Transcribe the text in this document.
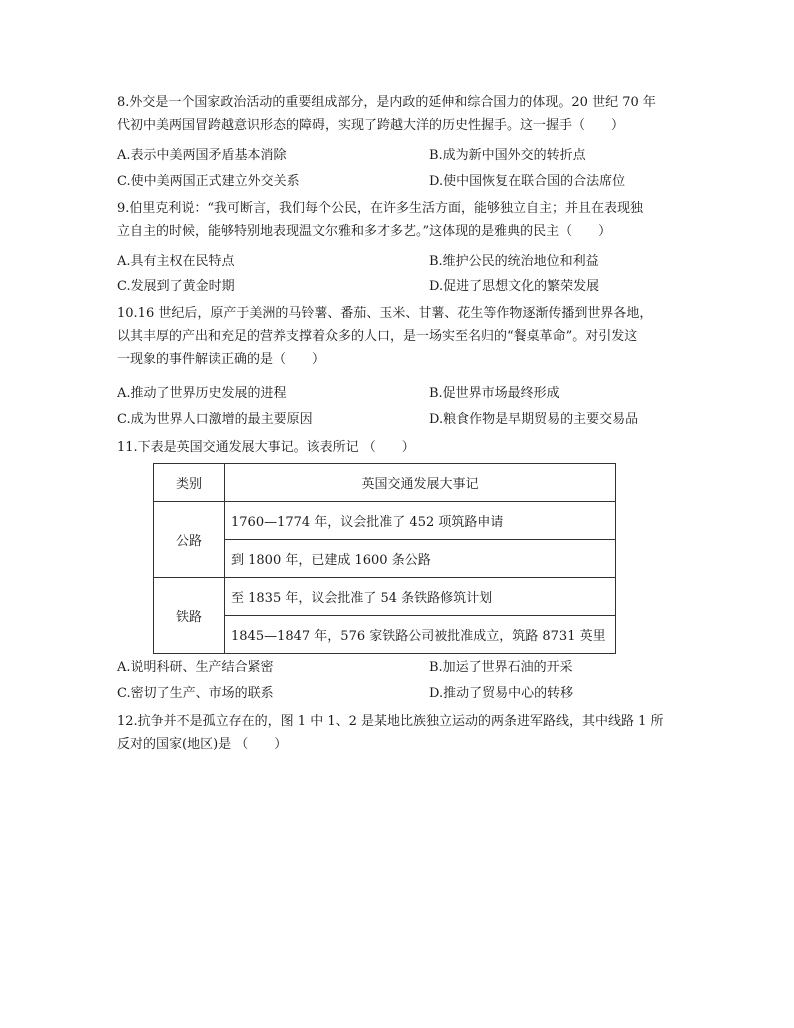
8.外交是一个国家政治活动的重要组成部分，是内政的延伸和综合国力的体现。20 世纪 70 年
代初中美两国冒跨越意识形态的障碍，实现了跨越大洋的历史性握手。这一握手（　　）
A.表示中美两国矛盾基本消除	B.成为新中国外交的转折点
C.使中美两国正式建立外交关系	D.使中国恢复在联合国的合法席位
9.伯里克利说：“我可断言，我们每个公民，在许多生活方面，能够独立自主；并且在表现独
立自主的时候，能够特别地表现温文尔雅和多才多艺。”这体现的是雅典的民主（　　）
A.具有主权在民特点	B.维护公民的统治地位和利益
C.发展到了黄金时期	D.促进了思想文化的繁荣发展
10.16 世纪后，原产于美洲的马铃薯、番茄、玉米、甘薯、花生等作物逐渐传播到世界各地，
以其丰厚的产出和充足的营养支撑着众多的人口，是一场实至名归的“餐桌革命”。对引发这
一现象的事件解读正确的是（　　）
A.推动了世界历史发展的进程	B.促世界市场最终形成
C.成为世界人口激增的最主要原因	D.粮食作物是早期贸易的主要交易品
11.下表是英国交通发展大事记。该表所记 （　　）
类别	英国交通发展大事记
公路	1760—1774 年，议会批准了 452 项筑路申请
	到 1800 年，已建成 1600 条公路
铁路	至 1835 年，议会批准了 54 条铁路修筑计划
	1845—1847 年，576 家铁路公司被批准成立，筑路 8731 英里
A.说明科研、生产结合紧密	B.加运了世界石油的开采
C.密切了生产、市场的联系	D.推动了贸易中心的转移
12.抗争并不是孤立存在的，图 1 中 1、2 是某地比族独立运动的两条进军路线，其中线路 1 所
反对的国家(地区)是 （　　）
